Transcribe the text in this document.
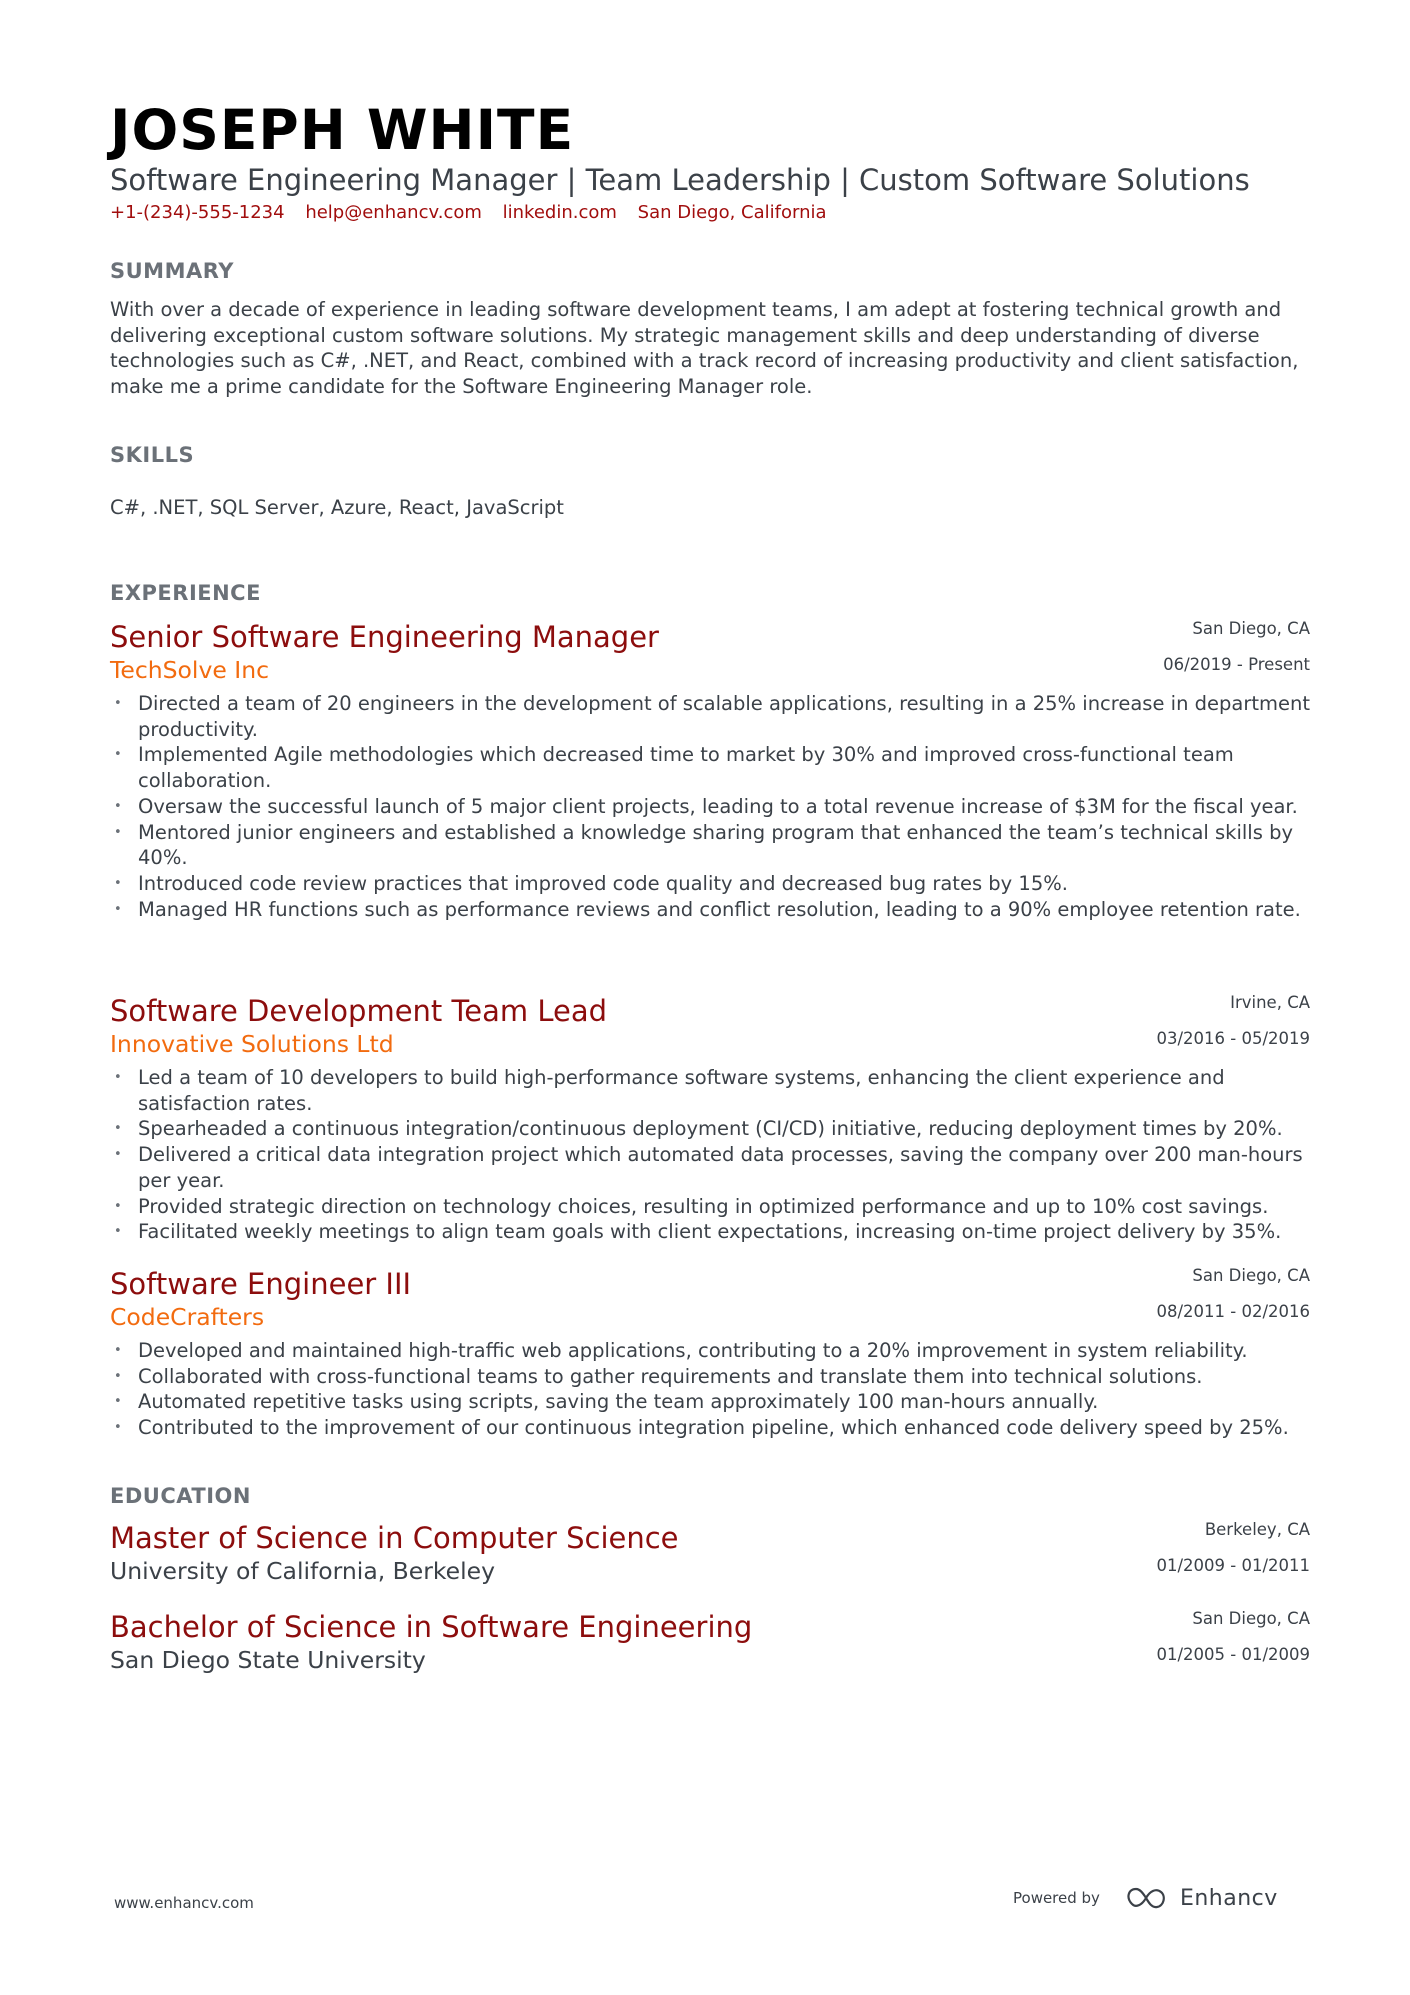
JOSEPH WHITE
Software Engineering Manager | Team Leadership | Custom Software Solutions
+1-(234)-555-1234 help@enhancv.com linkedin.com San Diego, California
SUMMARY
With over a decade of experience in leading software development teams, I am adept at fostering technical growth and delivering exceptional custom software solutions. My strategic management skills and deep understanding of diverse technologies such as C#, .NET, and React, combined with a track record of increasing productivity and client satisfaction, make me a prime candidate for the Software Engineering Manager role.
SKILLS
C#, .NET, SQL Server, Azure, React, JavaScript
EXPERIENCE
Senior Software Engineering Manager
TechSolve Inc
San Diego, CA
06/2019 - Present
• Directed a team of 20 engineers in the development of scalable applications, resulting in a 25% increase in department productivity.
• Implemented Agile methodologies which decreased time to market by 30% and improved cross-functional team collaboration.
• Oversaw the successful launch of 5 major client projects, leading to a total revenue increase of $3M for the fiscal year.
• Mentored junior engineers and established a knowledge sharing program that enhanced the team’s technical skills by 40%.
• Introduced code review practices that improved code quality and decreased bug rates by 15%.
• Managed HR functions such as performance reviews and conflict resolution, leading to a 90% employee retention rate.
Software Development Team Lead
Innovative Solutions Ltd
Irvine, CA
03/2016 - 05/2019
• Led a team of 10 developers to build high-performance software systems, enhancing the client experience and satisfaction rates.
• Spearheaded a continuous integration/continuous deployment (CI/CD) initiative, reducing deployment times by 20%.
• Delivered a critical data integration project which automated data processes, saving the company over 200 man-hours per year.
• Provided strategic direction on technology choices, resulting in optimized performance and up to 10% cost savings.
• Facilitated weekly meetings to align team goals with client expectations, increasing on-time project delivery by 35%.
Software Engineer III
CodeCrafters
San Diego, CA
08/2011 - 02/2016
• Developed and maintained high-traffic web applications, contributing to a 20% improvement in system reliability.
• Collaborated with cross-functional teams to gather requirements and translate them into technical solutions.
• Automated repetitive tasks using scripts, saving the team approximately 100 man-hours annually.
• Contributed to the improvement of our continuous integration pipeline, which enhanced code delivery speed by 25%.
EDUCATION
Master of Science in Computer Science
University of California, Berkeley
Berkeley, CA
01/2009 - 01/2011
Bachelor of Science in Software Engineering
San Diego State University
San Diego, CA
01/2005 - 01/2009
www.enhancv.com	Powered by	Enhancv
